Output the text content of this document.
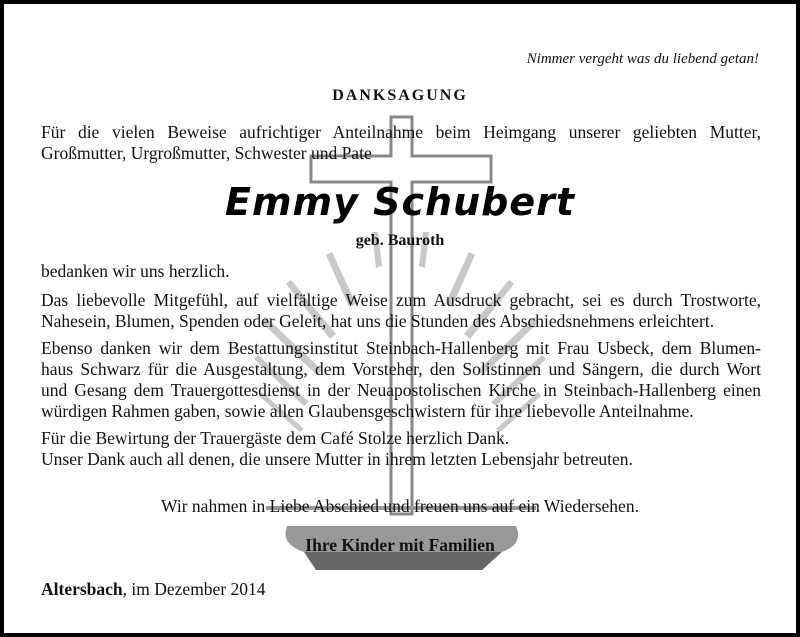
Nimmer vergeht was du liebend getan!
DANKSAGUNG
Für die vielen Beweise aufrichtiger Anteilnahme beim Heimgang unserer geliebten Mutter,
Großmutter, Urgroßmutter, Schwester und Pate
Emmy Schubert
geb. Bauroth
bedanken wir uns herzlich.
Das liebevolle Mitgefühl, auf vielfältige Weise zum Ausdruck gebracht, sei es durch Trostworte,
Nahesein, Blumen, Spenden oder Geleit, hat uns die Stunden des Abschiedsnehmens erleichtert.
Ebenso danken wir dem Bestattungsinstitut Steinbach-Hallenberg mit Frau Usbeck, dem Blumen-
haus Schwarz für die Ausgestaltung, dem Vorsteher, den Solistinnen und Sängern, die durch Wort
und Gesang dem Trauergottesdienst in der Neuapostolischen Kirche in Steinbach-Hallenberg einen
würdigen Rahmen gaben, sowie allen Glaubensgeschwistern für ihre liebevolle Anteilnahme.
Für die Bewirtung der Trauergäste dem Café Stolze herzlich Dank.
Unser Dank auch all denen, die unsere Mutter in ihrem letzten Lebensjahr betreuten.
Wir nahmen in Liebe Abschied und freuen uns auf ein Wiedersehen.
Ihre Kinder mit Familien
Altersbach, im Dezember 2014
